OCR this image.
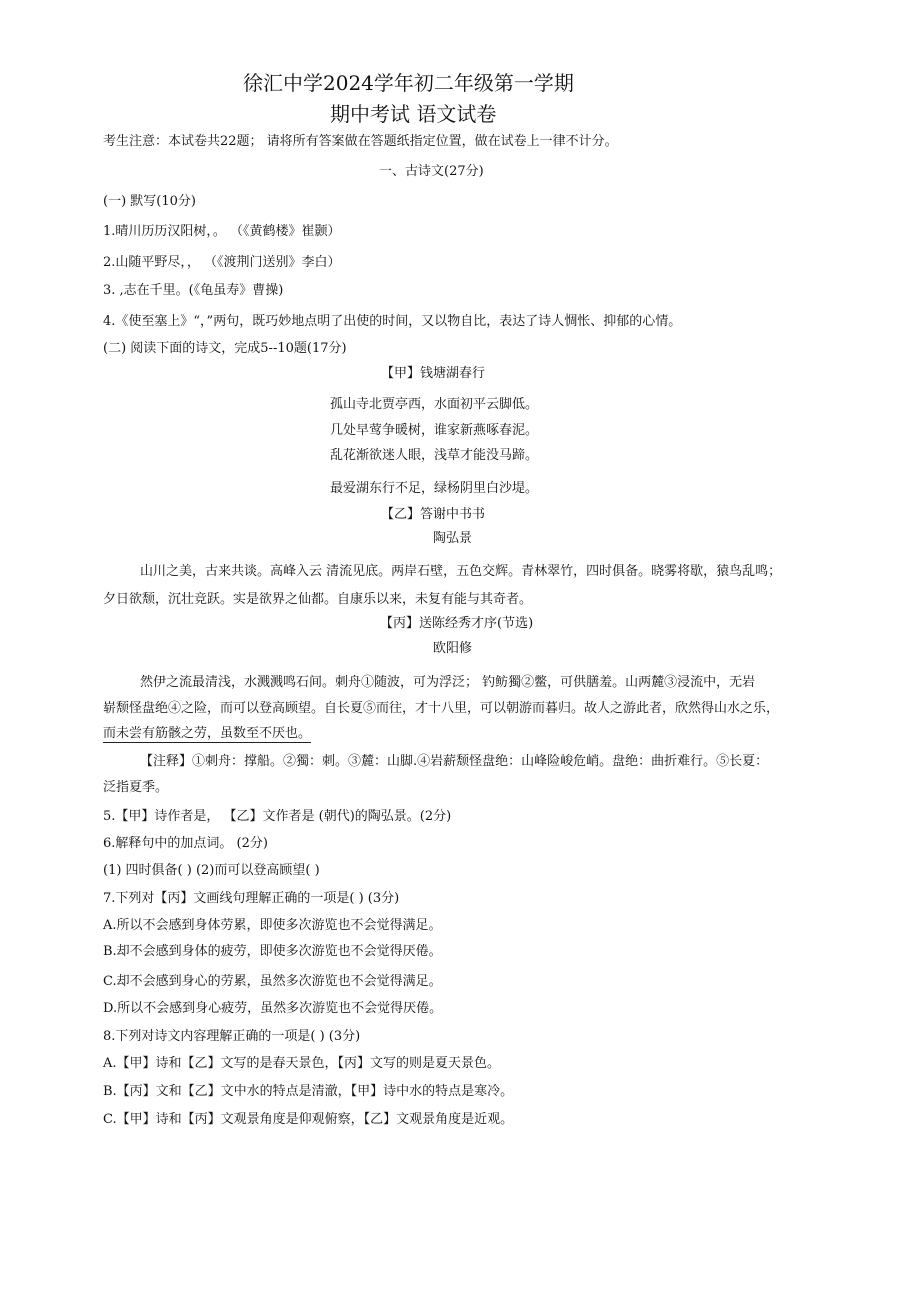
徐汇中学2024学年初二年级第一学期
期中考试 语文试卷
考生注意：本试卷共22题； 请将所有答案做在答题纸指定位置，做在试卷上一律不计分。
一、古诗文(27分)
(一) 默写(10分)
1.晴川历历汉阳树，。 （《黄鹤楼》崔颢）
2.山随平野尽，， （《渡荆门送别》李白）
3. ,志在千里。(《龟虽寿》曹操)
4.《使至塞上》“，”两句，既巧妙地点明了出使的时间，又以物自比，表达了诗人惆怅、抑郁的心情。
(二) 阅读下面的诗文，完成5--10题(17分)
【甲】钱塘湖春行
孤山寺北贾亭西，水面初平云脚低。
几处早莺争暖树，谁家新燕啄春泥。
乱花渐欲迷人眼，浅草才能没马蹄。
最爱湖东行不足，绿杨阴里白沙堤。
【乙】答谢中书书
陶弘景
山川之美，古来共谈。高峰入云 清流见底。两岸石壁，五色交辉。青林翠竹，四时俱备。晓雾将歇，猿鸟乱鸣；
夕日欲颓，沉壮竞跃。实是欲界之仙都。自康乐以来，未复有能与其奇者。
【丙】送陈经秀才序(节选)
欧阳修
然伊之流最清浅，水溅溅鸣石间。刺舟①随波，可为浮泛； 钓鲂獨②鳖，可供膳羞。山两麓③浸流中，无岩
崭颓怪盘绝④之险，而可以登高顾望。自长夏⑤而往，才十八里，可以朝游而暮归。故人之游此者，欣然得山水之乐，
而未尝有筋骸之劳，虽数至不厌也。
【注释】①刺舟：撑船。②獨：刺。③麓：山脚.④岩薪颓怪盘绝：山峰险峻危峭。盘绝：曲折难行。⑤长夏：
泛指夏季。
5.【甲】诗作者是， 【乙】文作者是 (朝代)的陶弘景。(2分)
6.解释句中的加点词。 (2分)
(1) 四时俱备( ) (2)而可以登高顾望( )
7.下列对【丙】文画线句理解正确的一项是( ) (3分)
A.所以不会感到身体劳累，即使多次游览也不会觉得满足。
B.却不会感到身体的疲劳，即使多次游览也不会觉得厌倦。
C.却不会感到身心的劳累，虽然多次游览也不会觉得满足。
D.所以不会感到身心疲劳，虽然多次游览也不会觉得厌倦。
8.下列对诗文内容理解正确的一项是( ) (3分)
A.【甲】诗和【乙】文写的是春天景色，【丙】文写的则是夏天景色。
B.【丙】文和【乙】文中水的特点是清澈，【甲】诗中水的特点是寒冷。
C.【甲】诗和【丙】文观景角度是仰观俯察，【乙】文观景角度是近观。
